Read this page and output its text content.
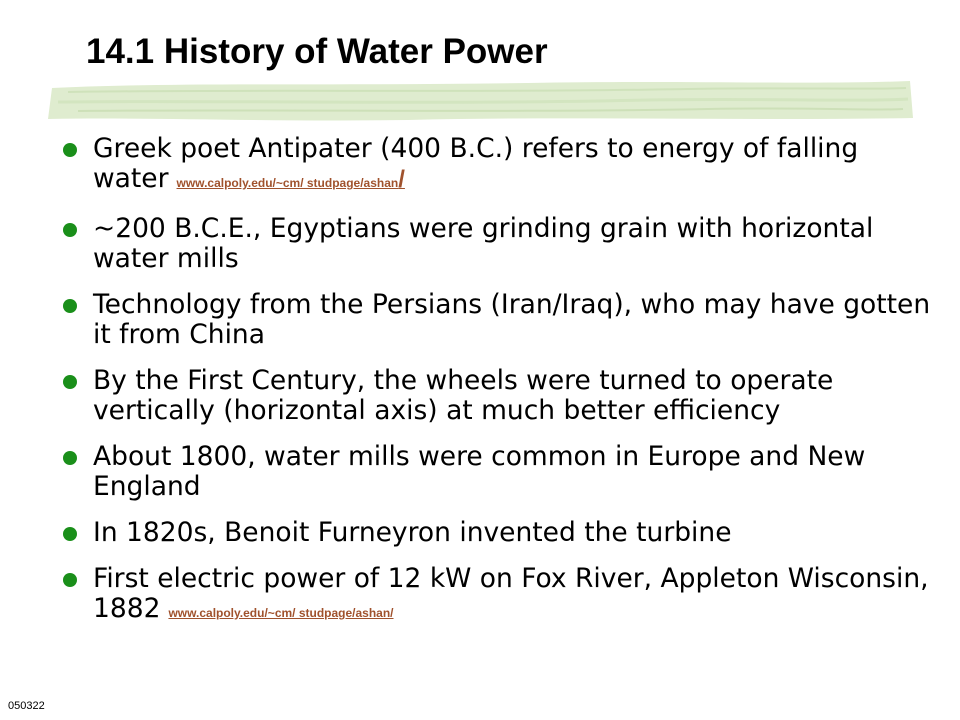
14.1 History of Water Power
Greek poet Antipater (400 B.C.) refers to energy of falling water www.calpoly.edu/~cm/ studpage/ashan/
~200 B.C.E., Egyptians were grinding grain with horizontal water mills
Technology from the Persians (Iran/Iraq), who may have gotten it from China
By the First Century, the wheels were turned to operate vertically (horizontal axis) at much better efficiency
About 1800, water mills were common in Europe and New England
In 1820s, Benoit Furneyron invented the turbine
First electric power of 12 kW on Fox River, Appleton Wisconsin, 1882 www.calpoly.edu/~cm/ studpage/ashan/
050322
